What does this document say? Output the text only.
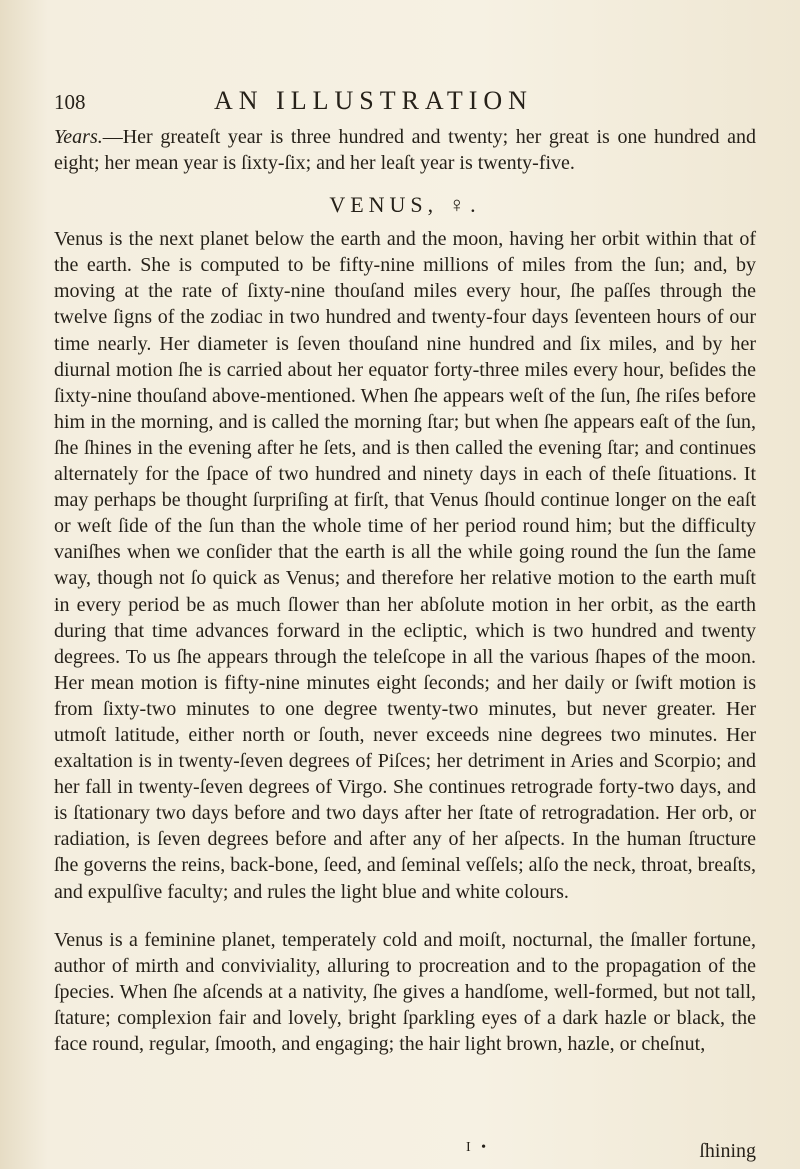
108	AN ILLUSTRATION

Years.—Her greateſt year is three hundred and twenty; her great is one hundred and eight; her mean year is ſixty-ſix; and her leaſt year is twenty-five.

VENUS, ♀.

Venus is the next planet below the earth and the moon, having her orbit within that of the earth. She is computed to be fifty-nine millions of miles from the ſun; and, by moving at the rate of ſixty-nine thouſand miles every hour, ſhe paſſes through the twelve ſigns of the zodiac in two hundred and twenty-four days ſeventeen hours of our time nearly. Her diameter is ſeven thouſand nine hundred and ſix miles, and by her diurnal motion ſhe is carried about her equator forty-three miles every hour, beſides the ſixty-nine thouſand above-mentioned. When ſhe appears weſt of the ſun, ſhe riſes before him in the morning, and is called the morning ſtar; but when ſhe appears eaſt of the ſun, ſhe ſhines in the evening after he ſets, and is then called the evening ſtar; and continues alternately for the ſpace of two hundred and ninety days in each of theſe ſituations. It may perhaps be thought ſurpriſing at firſt, that Venus ſhould continue longer on the eaſt or weſt ſide of the ſun than the whole time of her period round him; but the difficulty vaniſhes when we conſider that the earth is all the while going round the ſun the ſame way, though not ſo quick as Venus; and therefore her relative motion to the earth muſt in every period be as much ſlower than her abſolute motion in her orbit, as the earth during that time advances forward in the ecliptic, which is two hundred and twenty degrees. To us ſhe appears through the teleſcope in all the various ſhapes of the moon. Her mean motion is fifty-nine minutes eight ſeconds; and her daily or ſwift motion is from ſixty-two minutes to one degree twenty-two minutes, but never greater. Her utmoſt latitude, either north or ſouth, never exceeds nine degrees two minutes. Her exaltation is in twenty-ſeven degrees of Piſces; her detriment in Aries and Scorpio; and her fall in twenty-ſeven degrees of Virgo. She continues retrograde forty-two days, and is ſtationary two days before and two days after her ſtate of retrogradation. Her orb, or radiation, is ſeven degrees before and after any of her aſpects. In the human ſtructure ſhe governs the reins, back-bone, ſeed, and ſeminal veſſels; alſo the neck, throat, breaſts, and expulſive faculty; and rules the light blue and white colours.

Venus is a feminine planet, temperately cold and moiſt, nocturnal, the ſmaller fortune, author of mirth and conviviality, alluring to procreation and to the propagation of the ſpecies. When ſhe aſcends at a nativity, ſhe gives a handſome, well-formed, but not tall, ſtature; complexion fair and lovely, bright ſparkling eyes of a dark hazle or black, the face round, regular, ſmooth, and engaging; the hair light brown, hazle, or cheſnut,

I •	ſhining
